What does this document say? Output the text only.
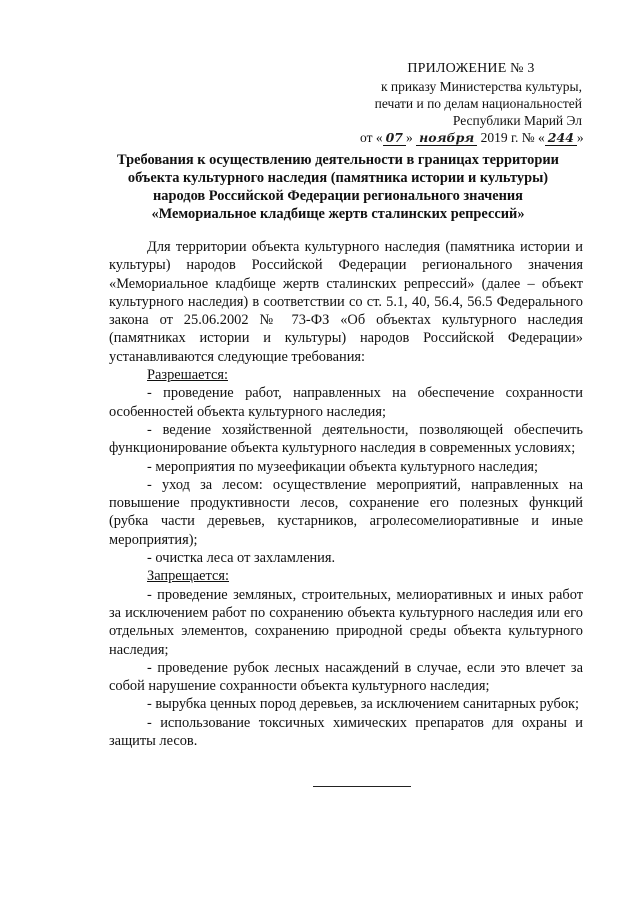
ПРИЛОЖЕНИЕ № 3
к приказу Министерства культуры,
печати и по делам национальностей
Республики Марий Эл
от « 07 » ноября 2019 г. № « 244 »
Требования к осуществлению деятельности в границах территории
объекта культурного наследия (памятника истории и культуры)
народов Российской Федерации регионального значения
«Мемориальное кладбище жертв сталинских репрессий»

Для территории объекта культурного наследия (памятника истории и культуры) народов Российской Федерации регионального значения «Мемориальное кладбище жертв сталинских репрессий» (далее – объект культурного наследия) в соответствии со ст. 5.1, 40, 56.4, 56.5 Федерального закона от 25.06.2002 № 73-ФЗ «Об объектах культурного наследия (памятниках истории и культуры) народов Российской Федерации» устанавливаются следующие требования:

Разрешается:

- проведение работ, направленных на обеспечение сохранности особенностей объекта культурного наследия;

- ведение хозяйственной деятельности, позволяющей обеспечить функционирование объекта культурного наследия в современных условиях;

- мероприятия по музеефикации объекта культурного наследия;

- уход за лесом: осуществление мероприятий, направленных на повышение продуктивности лесов, сохранение его полезных функций (рубка части деревьев, кустарников, агролесомелиоративные и иные мероприятия);

- очистка леса от захламления.

Запрещается:

- проведение земляных, строительных, мелиоративных и иных работ за исключением работ по сохранению объекта культурного наследия или его отдельных элементов, сохранению природной среды объекта культурного наследия;

- проведение рубок лесных насаждений в случае, если это влечет за собой нарушение сохранности объекта культурного наследия;

- вырубка ценных пород деревьев, за исключением санитарных рубок;

- использование токсичных химических препаратов для охраны и защиты лесов.
